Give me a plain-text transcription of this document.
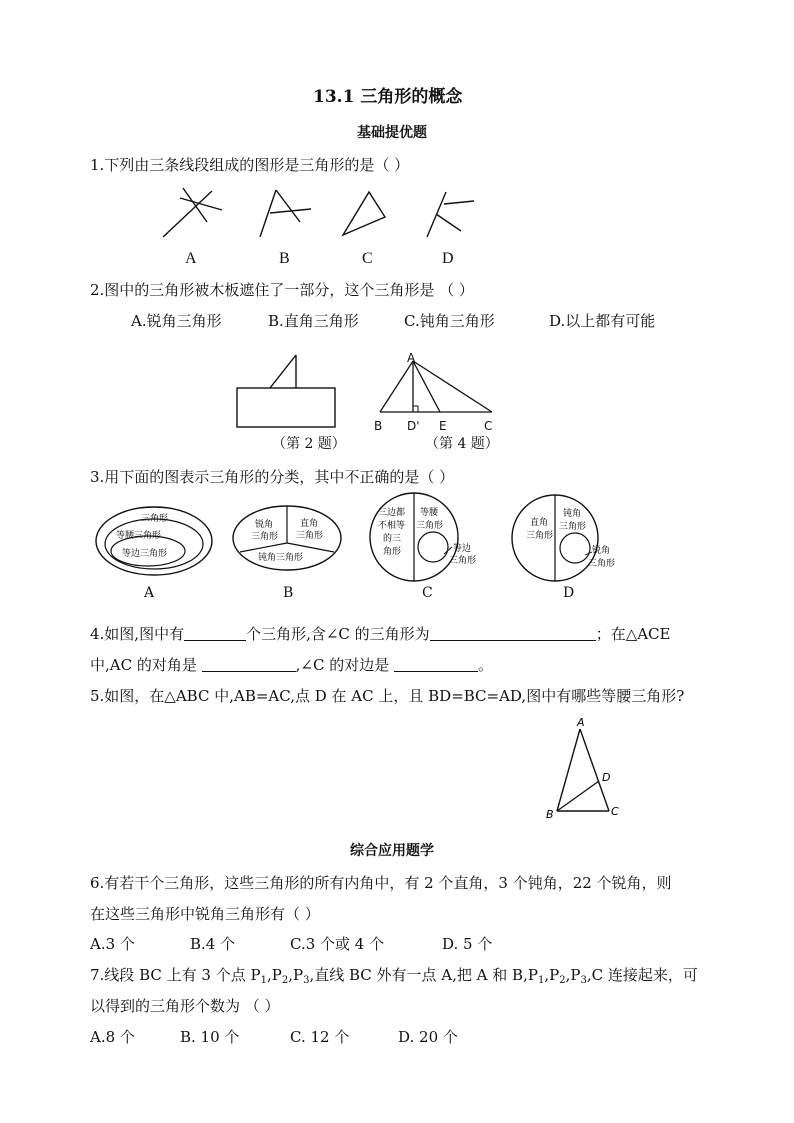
13.1 三角形的概念
基础提优题
1.下列由三条线段组成的图形是三角形的是（ ）
A	B	C	D
2.图中的三角形被木板遮住了一部分，这个三角形是 （ ）
A.锐角三角形	B.直角三角形	C.钝角三角形	D.以上都有可能
（第 2 题）
A
B D' E	C
（第 4 题）
3.用下面的图表示三角形的分类，其中不正确的是（ ）
三角形
等腰三角形
等边三角形
锐角
三角形
直角
三角形
钝角三角形
三边都
不相等
的三
角形
等腰
三角形
等边
三角形
直角
三角形
钝角
三角形
锐角
三角形
A	B	C	D
4.如图,图中有	个三角形,含∠C 的三角形为	；在△ACE
中,AC 的对角是	,∠C 的对边是	。
5.如图，在△ABC 中,AB=AC,点 D 在 AC 上，且 BD=BC=AD,图中有哪些等腰三角形?
A
D
B	C
综合应用题学
6.有若干个三角形，这些三角形的所有内角中，有 2 个直角，3 个钝角，22 个锐角，则
在这些三角形中锐角三角形有（ ）
A.3 个	B.4 个	C.3 个或 4 个	D. 5 个
7.线段 BC 上有 3 个点 $P_1,P_2,P_3$,直线 BC 外有一点 A,把 A 和 $B,P_1,P_2,P_3,C$ 连接起来，可
以得到的三角形个数为 （ ）
A.8 个	B. 10 个	C. 12 个	D. 20 个
